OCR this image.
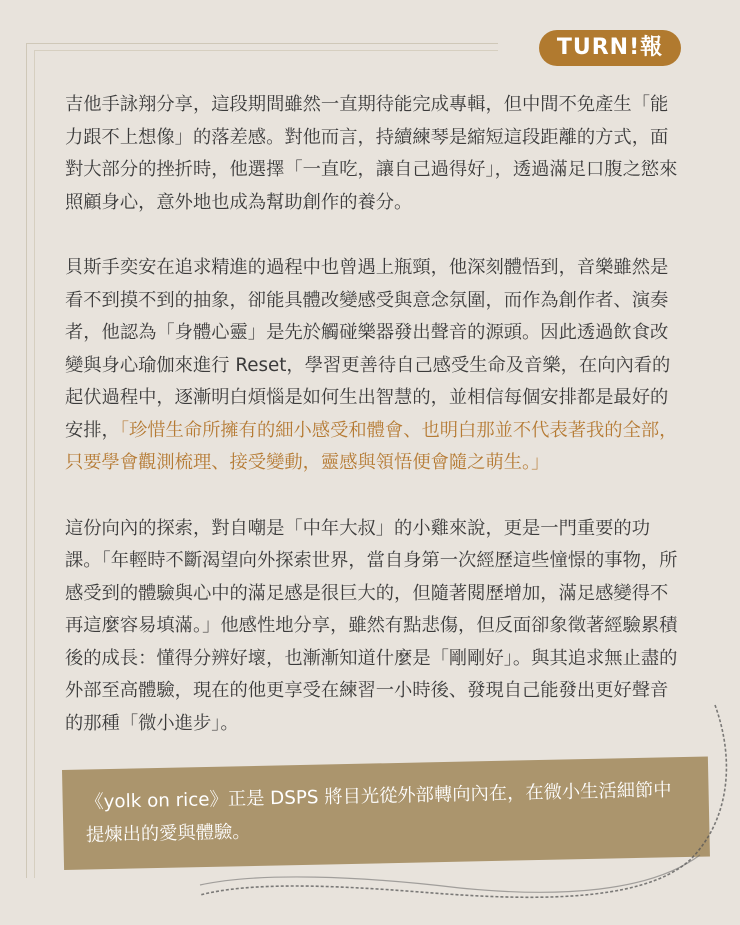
TURN!報

吉他手詠翔分享，這段期間雖然一直期待能完成專輯，但中間不免產生「能力跟不上想像」的落差感。對他而言，持續練琴是縮短這段距離的方式，面對大部分的挫折時，他選擇「一直吃，讓自己過得好」，透過滿足口腹之慾來照顧身心，意外地也成為幫助創作的養分。

貝斯手奕安在追求精進的過程中也曾遇上瓶頸，他深刻體悟到，音樂雖然是看不到摸不到的抽象，卻能具體改變感受與意念氛圍，而作為創作者、演奏者，他認為「身體心靈」是先於觸碰樂器發出聲音的源頭。因此透過飲食改變與身心瑜伽來進行 Reset，學習更善待自己感受生命及音樂，在向內看的起伏過程中，逐漸明白煩惱是如何生出智慧的，並相信每個安排都是最好的安排，「珍惜生命所擁有的細小感受和體會、也明白那並不代表著我的全部，只要學會觀測梳理、接受變動，靈感與領悟便會隨之萌生。」

這份向內的探索，對自嘲是「中年大叔」的小雞來說，更是一門重要的功課。「年輕時不斷渴望向外探索世界，當自身第一次經歷這些憧憬的事物，所感受到的體驗與心中的滿足感是很巨大的，但隨著閱歷增加，滿足感變得不再這麼容易填滿。」他感性地分享，雖然有點悲傷，但反面卻象徵著經驗累積後的成長：懂得分辨好壞，也漸漸知道什麼是「剛剛好」。與其追求無止盡的外部至高體驗，現在的他更享受在練習一小時後、發現自己能發出更好聲音的那種「微小進步」。

《yolk on rice》正是 DSPS 將目光從外部轉向內在，在微小生活細節中提煉出的愛與體驗。
